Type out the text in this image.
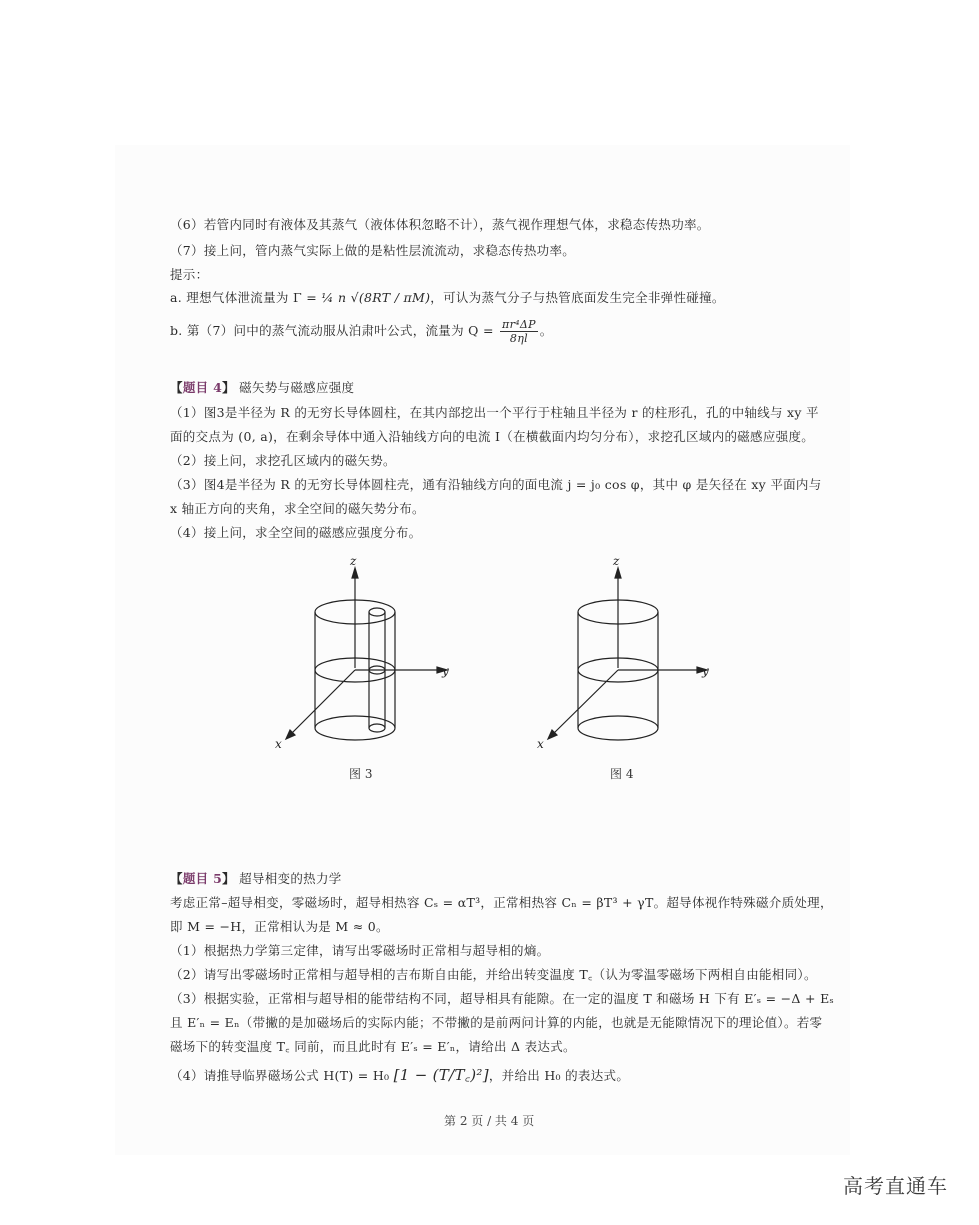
（6）若管内同时有液体及其蒸气（液体体积忽略不计），蒸气视作理想气体，求稳态传热功率。
（7）接上问，管内蒸气实际上做的是粘性层流流动，求稳态传热功率。
提示：
a. 理想气体泄流量为 Γ = ¼ n √(8RT / πM)，可认为蒸气分子与热管底面发生完全非弹性碰撞。
b. 第（7）问中的蒸气流动服从泊肃叶公式，流量为 $Q = \frac{\text{πr⁴ΔP}}{8\eta l}$ 。
【题目 4】 磁矢势与磁感应强度
（1）图3是半径为 R 的无穷长导体圆柱，在其内部挖出一个平行于柱轴且半径为 r 的柱形孔，孔的中轴线与 xy 平
面的交点为 (0, a)，在剩余导体中通入沿轴线方向的电流 I（在横截面内均匀分布），求挖孔区域内的磁感应强度。
（2）接上问，求挖孔区域内的磁矢势。
（3）图4是半径为 R 的无穷长导体圆柱壳，通有沿轴线方向的面电流 j = j₀ cos φ，其中 φ 是矢径在 xy 平面内与
x 轴正方向的夹角，求全空间的磁矢势分布。
（4）接上问，求全空间的磁感应强度分布。
z
y
x
图 3
z
y
x
图 4
【题目 5】 超导相变的热力学
考虑正常–超导相变，零磁场时，超导相热容 Cₛ = αT³，正常相热容 Cₙ = βT³ + γT。超导体视作特殊磁介质处理，
即 M = −H，正常相认为是 M ≈ 0。
（1）根据热力学第三定律，请写出零磁场时正常相与超导相的熵。
（2）请写出零磁场时正常相与超导相的吉布斯自由能，并给出转变温度 T꜀（认为零温零磁场下两相自由能相同）。
（3）根据实验，正常相与超导相的能带结构不同，超导相具有能隙。在一定的温度 T 和磁场 H 下有 E′ₛ = −Δ + Eₛ
且 E′ₙ = Eₙ（带撇的是加磁场后的实际内能；不带撇的是前两问计算的内能，也就是无能隙情况下的理论值）。若零
磁场下的转变温度 T꜀ 同前，而且此时有 E′ₛ = E′ₙ，请给出 Δ 表达式。
（4）请推导临界磁场公式 H(T) = H₀ [1 − (T/T꜀)²]，并给出 H₀ 的表达式。
第 2 页 / 共 4 页
高考直通车
